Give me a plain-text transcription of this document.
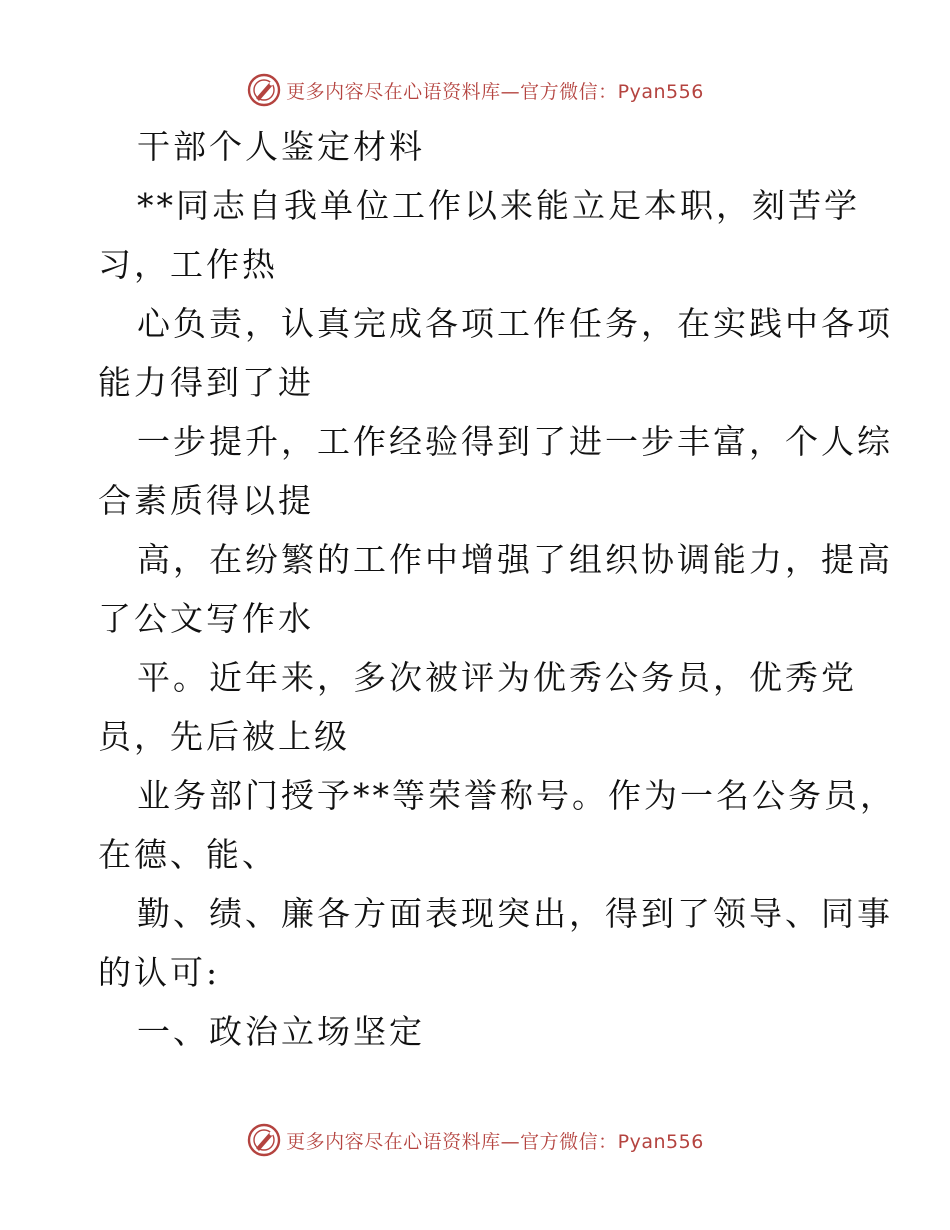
更多内容尽在心语资料库—官方微信：Pyan556
干部个人鉴定材料
**同志自我单位工作以来能立足本职，刻苦学
习，工作热
心负责，认真完成各项工作任务，在实践中各项
能力得到了进
一步提升，工作经验得到了进一步丰富，个人综
合素质得以提
高，在纷繁的工作中增强了组织协调能力，提高
了公文写作水
平。近年来，多次被评为优秀公务员，优秀党
员，先后被上级
业务部门授予**等荣誉称号。作为一名公务员，
在德、能、
勤、绩、廉各方面表现突出，得到了领导、同事
的认可:
一、政治立场坚定
更多内容尽在心语资料库—官方微信：Pyan556
